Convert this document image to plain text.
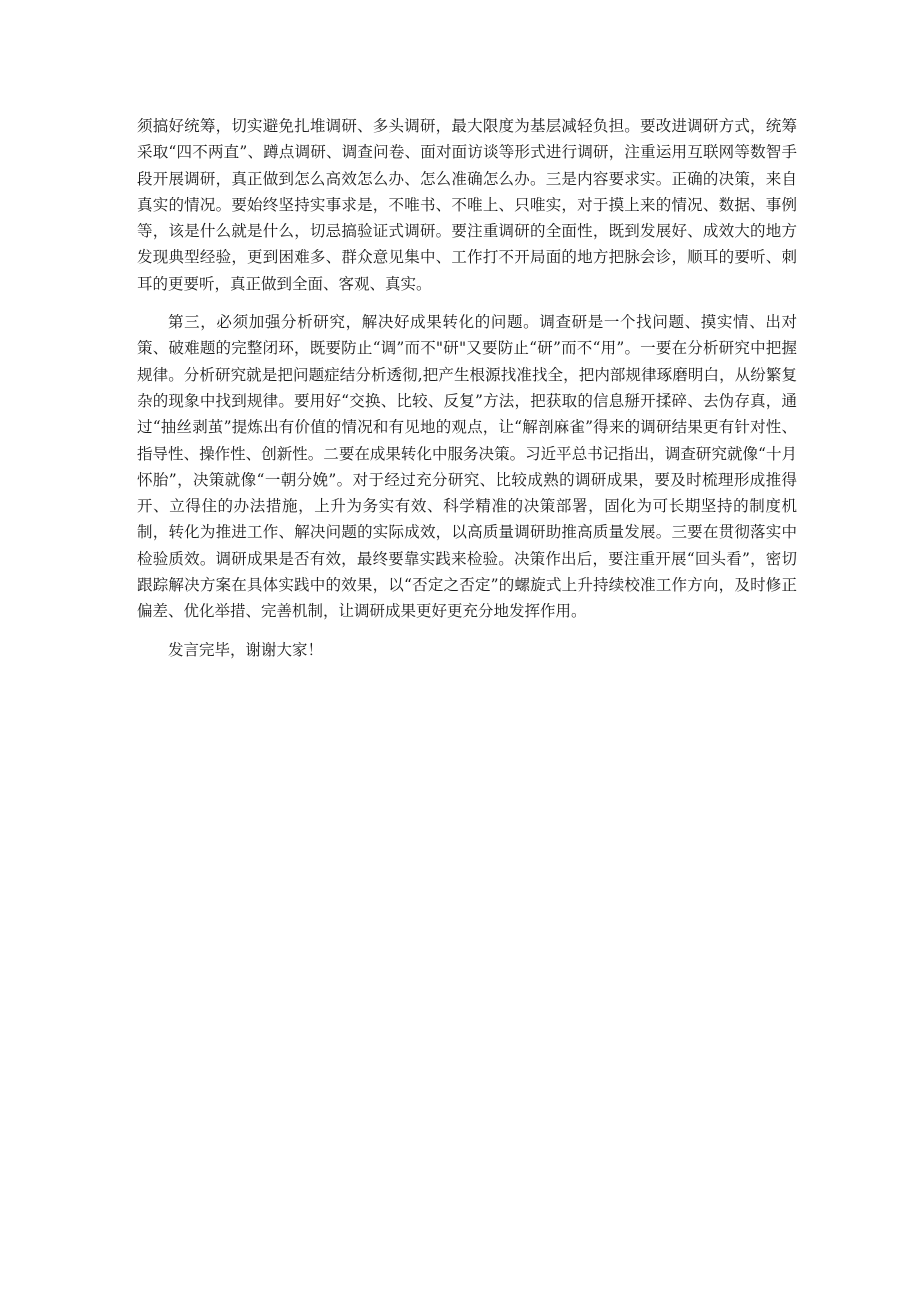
须搞好统筹，切实避免扎堆调研、多头调研，最大限度为基层减轻负担。要改进调研方式，统筹采取“四不两直”、蹲点调研、调查问卷、面对面访谈等形式进行调研，注重运用互联网等数智手段开展调研，真正做到怎么高效怎么办、怎么准确怎么办。三是内容要求实。正确的决策，来自真实的情况。要始终坚持实事求是，不唯书、不唯上、只唯实，对于摸上来的情况、数据、事例等，该是什么就是什么，切忌搞验证式调研。要注重调研的全面性，既到发展好、成效大的地方发现典型经验，更到困难多、群众意见集中、工作打不开局面的地方把脉会诊，顺耳的要听、刺耳的更要听，真正做到全面、客观、真实。

第三，必须加强分析研究，解决好成果转化的问题。调查研是一个找问题、摸实情、出对策、破难题的完整闭环，既要防止“调”而不"研"又要防止“研”而不“用”。一要在分析研究中把握规律。分析研究就是把问题症结分析透彻,把产生根源找准找全，把内部规律琢磨明白，从纷繁复杂的现象中找到规律。要用好“交换、比较、反复”方法，把获取的信息掰开揉碎、去伪存真，通过“抽丝剥茧”提炼出有价值的情况和有见地的观点，让“解剖麻雀”得来的调研结果更有针对性、指导性、操作性、创新性。二要在成果转化中服务决策。习近平总书记指出，调查研究就像“十月怀胎”，决策就像“一朝分娩”。对于经过充分研究、比较成熟的调研成果，要及时梳理形成推得开、立得住的办法措施，上升为务实有效、科学精准的决策部署，固化为可长期坚持的制度机制，转化为推进工作、解决问题的实际成效，以高质量调研助推高质量发展。三要在贯彻落实中检验质效。调研成果是否有效，最终要靠实践来检验。决策作出后，要注重开展“回头看”，密切跟踪解决方案在具体实践中的效果，以“否定之否定”的螺旋式上升持续校准工作方向，及时修正偏差、优化举措、完善机制，让调研成果更好更充分地发挥作用。

发言完毕，谢谢大家！
